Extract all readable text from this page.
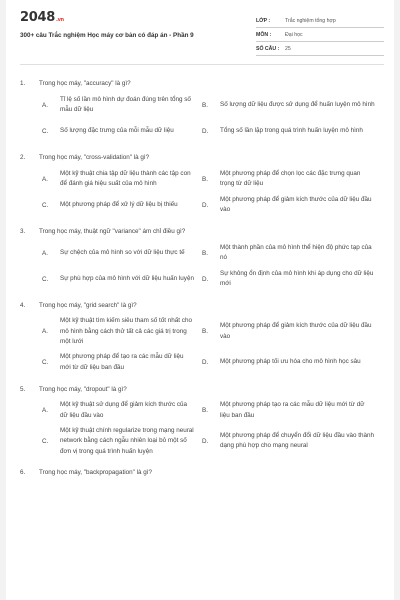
2048.vn
300+ câu Trắc nghiệm Học máy cơ bản có đáp án - Phần 9
LỚP :	Trắc nghiệm tổng hợp
MÔN :	Đại học
SỐ CÂU :	25
1. Trong học máy, "accuracy" là gì?
A.
Tỉ lệ số lần mô hình dự đoán đúng trên tổng số mẫu dữ liệu
B.	Số lượng dữ liệu được sử dụng để huấn luyện mô hình
C.	Số lượng đặc trưng của mỗi mẫu dữ liệu	D.	Tổng số lần lặp trong quá trình huấn luyện mô hình
2. Trong học máy, "cross-validation" là gì?
A.
Một kỹ thuật chia tập dữ liệu thành các tập con để đánh giá hiệu suất của mô hình
B.
Một phương pháp để chọn lọc các đặc trưng quan trọng từ dữ liệu
C.	Một phương pháp để xử lý dữ liệu bị thiếu	D.
Một phương pháp để giảm kích thước của dữ liệu đầu vào
3. Trong học máy, thuật ngữ "variance" ám chỉ điều gì?
A.	Sự chệch của mô hình so với dữ liệu thực tế	B.
Một thành phần của mô hình thể hiện độ phức tạp của nó
C.	Sự phù hợp của mô hình với dữ liệu huấn luyện	D.
Sự không ổn định của mô hình khi áp dụng cho dữ liệu mới
4. Trong học máy, "grid search" là gì?
A.
Một kỹ thuật tìm kiếm siêu tham số tốt nhất cho mô hình bằng cách thử tất cả các giá trị trong một lưới
B.
Một phương pháp để giảm kích thước của dữ liệu đầu vào
C.
Một phương pháp để tạo ra các mẫu dữ liệu mới từ dữ liệu ban đầu
D.	Một phương pháp tối ưu hóa cho mô hình học sâu
5. Trong học máy, "dropout" là gì?
A.
Một kỹ thuật sử dụng để giảm kích thước của dữ liệu đầu vào
B.
Một phương pháp tạo ra các mẫu dữ liệu mới từ dữ liệu ban đầu
C.
Một kỹ thuật chính regularize trong mạng neural network bằng cách ngẫu nhiên loại bỏ một số đơn vị trong quá trình huấn luyện
D.
Một phương pháp để chuyển đổi dữ liệu đầu vào thành dạng phù hợp cho mạng neural
6. Trong học máy, "backpropagation" là gì?
